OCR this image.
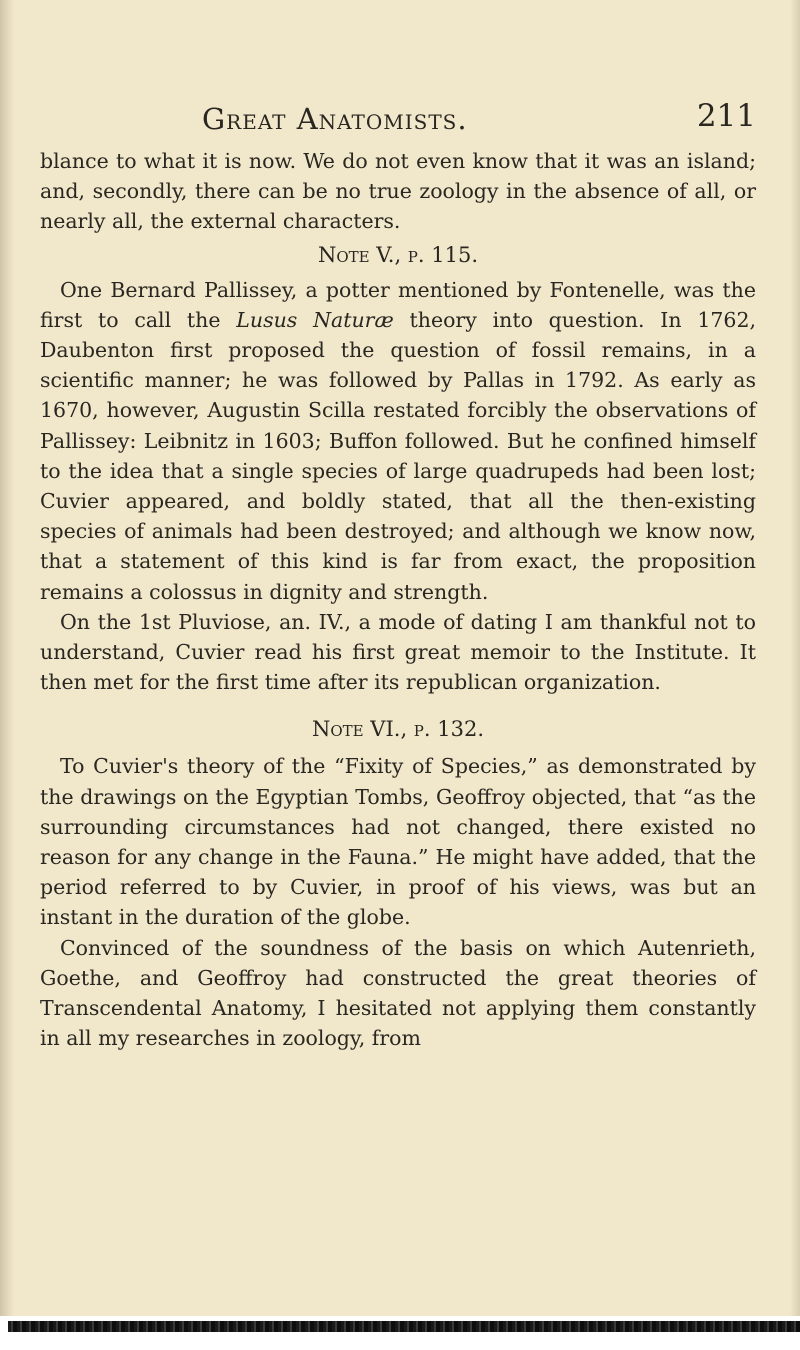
Great Anatomists.	211

blance to what it is now. We do not even know that it was an island; and, secondly, there can be no true zoology in the absence of all, or nearly all, the external characters.

Note V., p. 115.

One Bernard Pallissey, a potter mentioned by Fontenelle, was the first to call the Lusus Naturæ theory into question. In 1762, Daubenton first proposed the question of fossil remains, in a scientific manner; he was followed by Pallas in 1792. As early as 1670, however, Augustin Scilla restated forcibly the observations of Pallissey: Leibnitz in 1603; Buffon followed. But he confined himself to the idea that a single species of large quadrupeds had been lost; Cuvier appeared, and boldly stated, that all the then-existing species of animals had been destroyed; and although we know now, that a statement of this kind is far from exact, the proposition remains a colossus in dignity and strength.

On the 1st Pluviose, an. IV., a mode of dating I am thankful not to understand, Cuvier read his first great memoir to the Institute. It then met for the first time after its republican organization.

Note VI., p. 132.

To Cuvier's theory of the “Fixity of Species,” as demonstrated by the drawings on the Egyptian Tombs, Geoffroy objected, that “as the surrounding circumstances had not changed, there existed no reason for any change in the Fauna.” He might have added, that the period referred to by Cuvier, in proof of his views, was but an instant in the duration of the globe.

Convinced of the soundness of the basis on which Autenrieth, Goethe, and Geoffroy had constructed the great theories of Transcendental Anatomy, I hesitated not applying them constantly in all my researches in zoology, from
